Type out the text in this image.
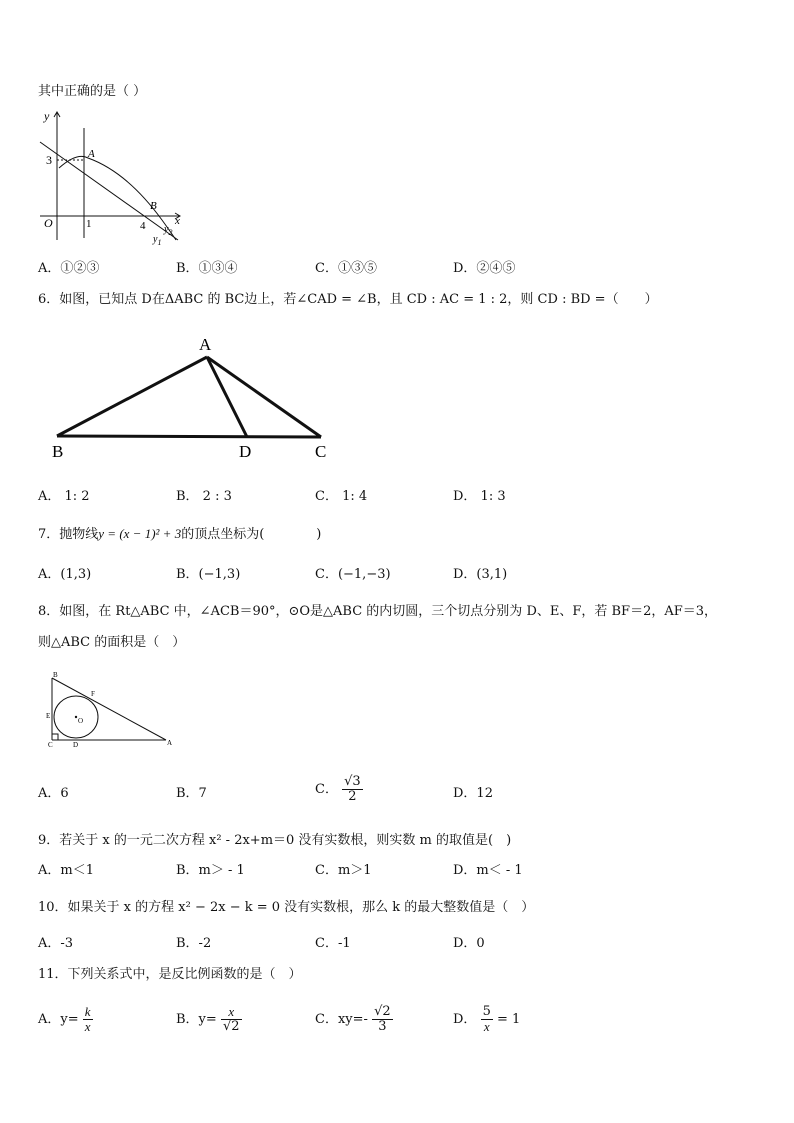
其中正确的是（ ）
y
x
O
3
1	4
A
B
$y_2$
$y_1$
A．①②③	B．①③④	C．①③⑤	D．②④⑤
6．如图，已知点 D在ΔABC 的 BC边上，若∠CAD = ∠B，且 CD : AC = 1 : 2，则 CD : BD =（　　）
A
B	D	C
A． 1: 2	B． 2 : 3	C． 1: 4	D． 1: 3
7．抛物线y = (x − 1)² + 3的顶点坐标为(　　　　)
A．(1,3)	B．(−1,3)	C．(−1,−3)	D．(3,1)
8．如图，在 Rt△ABC 中，∠ACB＝90°，⊙O是△ABC 的内切圆，三个切点分别为 D、E、F，若 BF＝2，AF＝3，
则△ABC 的面积是（　）
B
F
E
O
C	D	A
A．6	B．7	C． $\frac{√3}{2}$	D．12
9．若关于 x 的一元二次方程 x² - 2x+m＝0 没有实数根，则实数 m 的取值是(　)
A．m＜1	B．m＞ - 1	C．m＞1	D．m＜ - 1
10．如果关于 x 的方程 x² − 2x − k = 0 没有实数根，那么 k 的最大整数值是（　）
A．-3	B．-2	C．-1	D．0
11．下列关系式中，是反比例函数的是（　）
A．$y= \frac{k}{x}$	B．$y= \frac{x}{√2}$	C．$xy=- \frac{√2}{3}$	D． $\frac{5}{x} = 1$
